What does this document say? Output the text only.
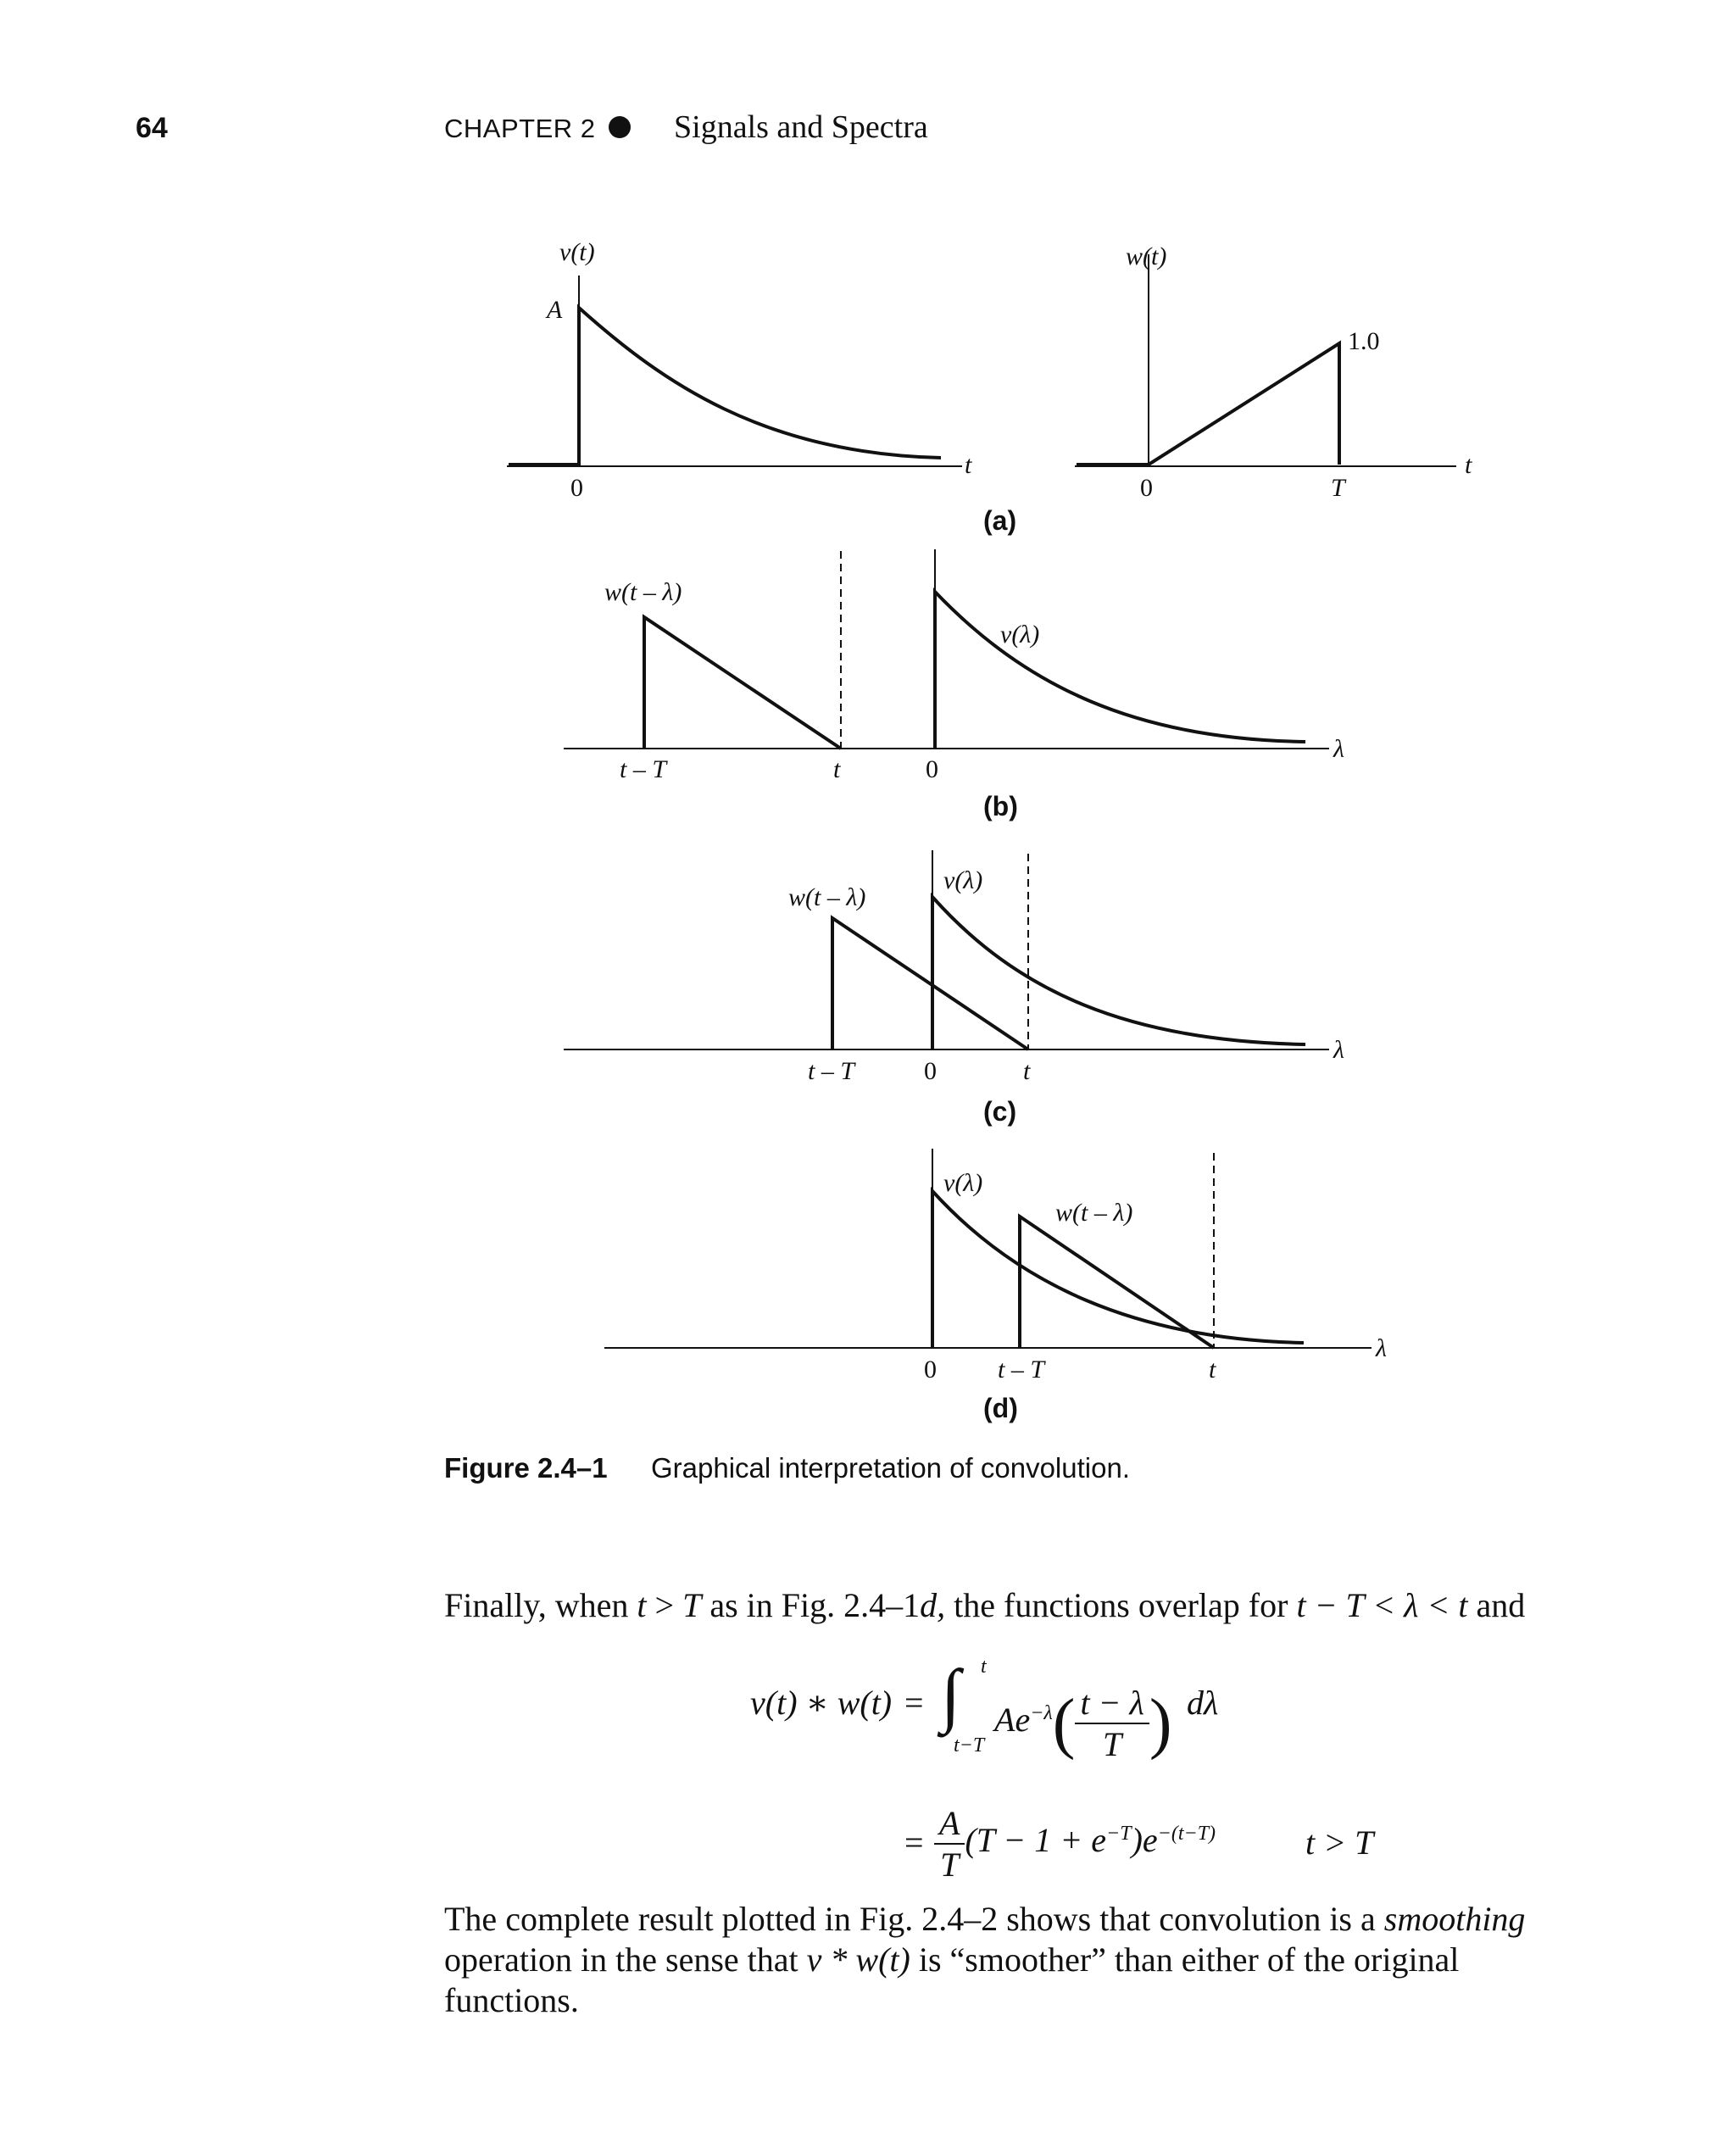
64	CHAPTER 2 Signals and Spectra
v(t)
A
0
t
w(t)
1.0
0	T
t
(a)
w(t – λ)
v(λ)
t – T	t	0
λ
(b)
w(t – λ)
v(λ)
t – T	0	t
λ
(c)
v(λ)
w(t – λ)
0 t – T	t
λ
(d)
Figure 2.4–1 Graphical interpretation of convolution.
Finally, when t > T as in Fig. 2.4–1d, the functions overlap for t − T < λ < t and
v(t) ∗ w(t) = ∫ t
t−T
$Ae^{-\lambda}( \frac{t - \lambda}{T}$ ) dλ
= $\frac{A}{T} (T - 1 + e^{-T})e^{-(t-T)}$	t > T
The complete result plotted in Fig. 2.4–2 shows that convolution is a smoothing operation in the sense that v * w(t) is “smoother” than either of the original functions.
